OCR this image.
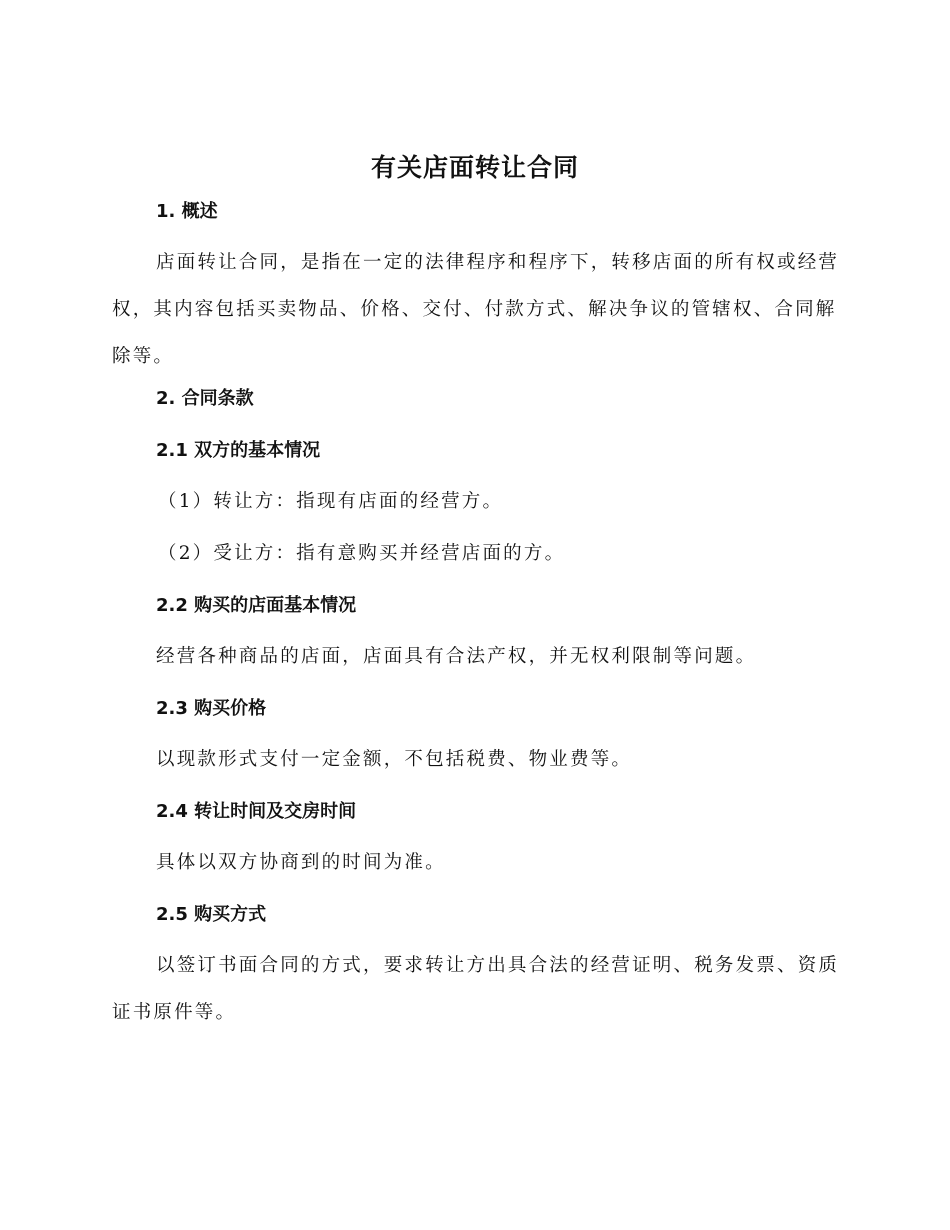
有关店面转让合同
1. 概述

店面转让合同，是指在一定的法律程序和程序下，转移店面的所有权或经营权，其内容包括买卖物品、价格、交付、付款方式、解决争议的管辖权、合同解除等。

2. 合同条款
2.1 双方的基本情况

（1）转让方：指现有店面的经营方。

（2）受让方：指有意购买并经营店面的方。

2.2 购买的店面基本情况

经营各种商品的店面，店面具有合法产权，并无权利限制等问题。

2.3 购买价格

以现款形式支付一定金额，不包括税费、物业费等。

2.4 转让时间及交房时间

具体以双方协商到的时间为准。

2.5 购买方式

以签订书面合同的方式，要求转让方出具合法的经营证明、税务发票、资质证书原件等。
